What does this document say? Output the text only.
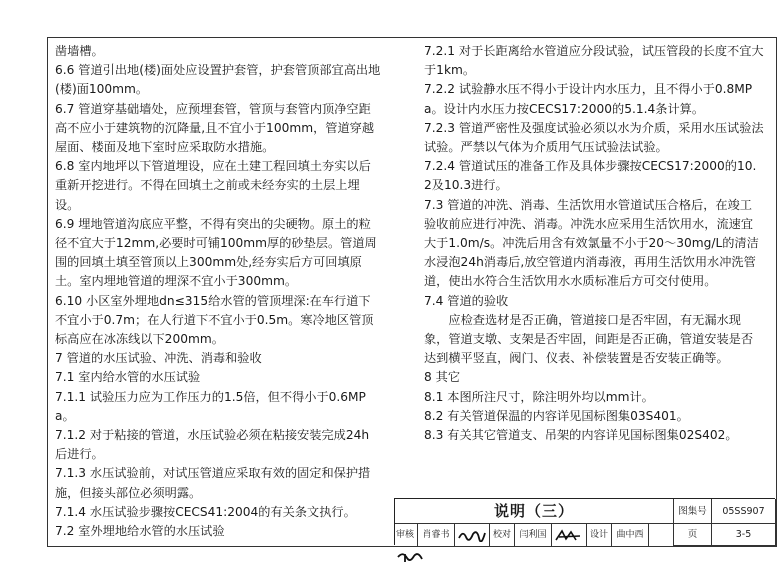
凿墙槽。

6.6 管道引出地(楼)面处应设置护套管，护套管顶部宜高出地(楼)面100mm。

6.7 管道穿基础墙处，应预埋套管，管顶与套管内顶净空距高不应小于建筑物的沉降量,且不宜小于100mm，管道穿越屋面、楼面及地下室时应采取防水措施。

6.8 室内地坪以下管道埋设，应在土建工程回填土夯实以后重新开挖进行。不得在回填土之前或未经夯实的土层上埋设。

6.9 埋地管道沟底应平整，不得有突出的尖硬物。原土的粒径不宜大于12mm,必要时可铺100mm厚的砂垫层。管道周围的回填土填至管顶以上300mm处,经夯实后方可回填原土。室内埋地管道的埋深不宜小于300mm。

6.10 小区室外埋地dn≤315给水管的管顶埋深:在车行道下不宜小于0.7m；在人行道下不宜小于0.5m。寒冷地区管顶标高应在冰冻线以下200mm。

7 管道的水压试验、冲洗、消毒和验收

7.1 室内给水管的水压试验

7.1.1 试验压力应为工作压力的1.5倍，但不得小于0.6MPa。

7.1.2 对于粘接的管道，水压试验必须在粘接安装完成24h后进行。

7.1.3 水压试验前，对试压管道应采取有效的固定和保护措施，但接头部位必须明露。

7.1.4 水压试验步骤按CECS41:2004的有关条文执行。

7.2 室外埋地给水管的水压试验

7.2.1 对于长距离给水管道应分段试验，试压管段的长度不宜大于1km。

7.2.2 试验静水压不得小于设计内水压力，且不得小于0.8MPa。设计内水压力按CECS17:2000的5.1.4条计算。

7.2.3 管道严密性及强度试验必须以水为介质，采用水压试验法试验。严禁以气体为介质用气压试验法试验。

7.2.4 管道试压的准备工作及具体步骤按CECS17:2000的10.2及10.3进行。

7.3 管道的冲洗、消毒、生活饮用水管道试压合格后，在竣工验收前应进行冲洗、消毒。冲洗水应采用生活饮用水，流速宜大于1.0m/s。冲洗后用含有效氯量不小于20～30mg/L的清洁水浸泡24h消毒后,放空管道内消毒液，再用生活饮用水冲洗管道，使出水符合生活饮用水水质标准后方可交付使用。

7.4 管道的验收

应检查选材是否正确，管道接口是否牢固，有无漏水现象，管道支墩、支架是否牢固，间距是否正确，管道安装是否达到横平竖直，阀门、仪表、补偿装置是否安装正确等。

8 其它

8.1 本图所注尺寸，除注明外均以mm计。

8.2 有关管道保温的内容详见国标图集03S401。

8.3 有关其它管道支、吊架的内容详见国标图集02S402。

说明（三）	图集号	05SS907
审核 肖睿书	校对 闫利国	设计 曲中西	页	3-5
